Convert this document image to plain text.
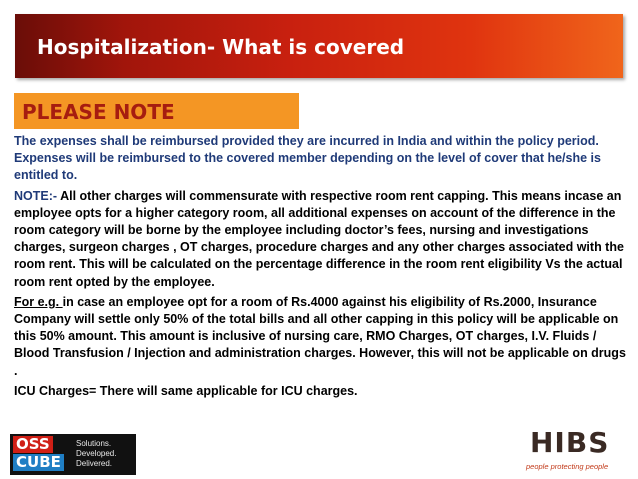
Hospitalization- What is covered
PLEASE NOTE

The expenses shall be reimbursed provided they are incurred in India and within the policy period. Expenses will be reimbursed to the covered member depending on the level of cover that he/she is entitled to.

NOTE:- All other charges will commensurate with respective room rent capping. This means incase an employee opts for a higher category room, all additional expenses on account of the difference in the room category will be borne by the employee including doctor’s fees, nursing and investigations charges, surgeon charges , OT charges, procedure charges and any other charges associated with the room rent. This will be calculated on the percentage difference in the room rent eligibility Vs the actual room rent opted by the employee.

For e.g. in case an employee opt for a room of Rs.4000 against his eligibility of Rs.2000, Insurance Company will settle only 50% of the total bills and all other capping in this policy will be applicable on this 50% amount. This amount is inclusive of nursing care, RMO Charges, OT charges, I.V. Fluids / Blood Transfusion / Injection and administration charges. However, this will not be applicable on drugs .

ICU Charges= There will same applicable for ICU charges.

OSS
CUBE
Solutions.
Developed.
Delivered.
HIBS
people protecting people
